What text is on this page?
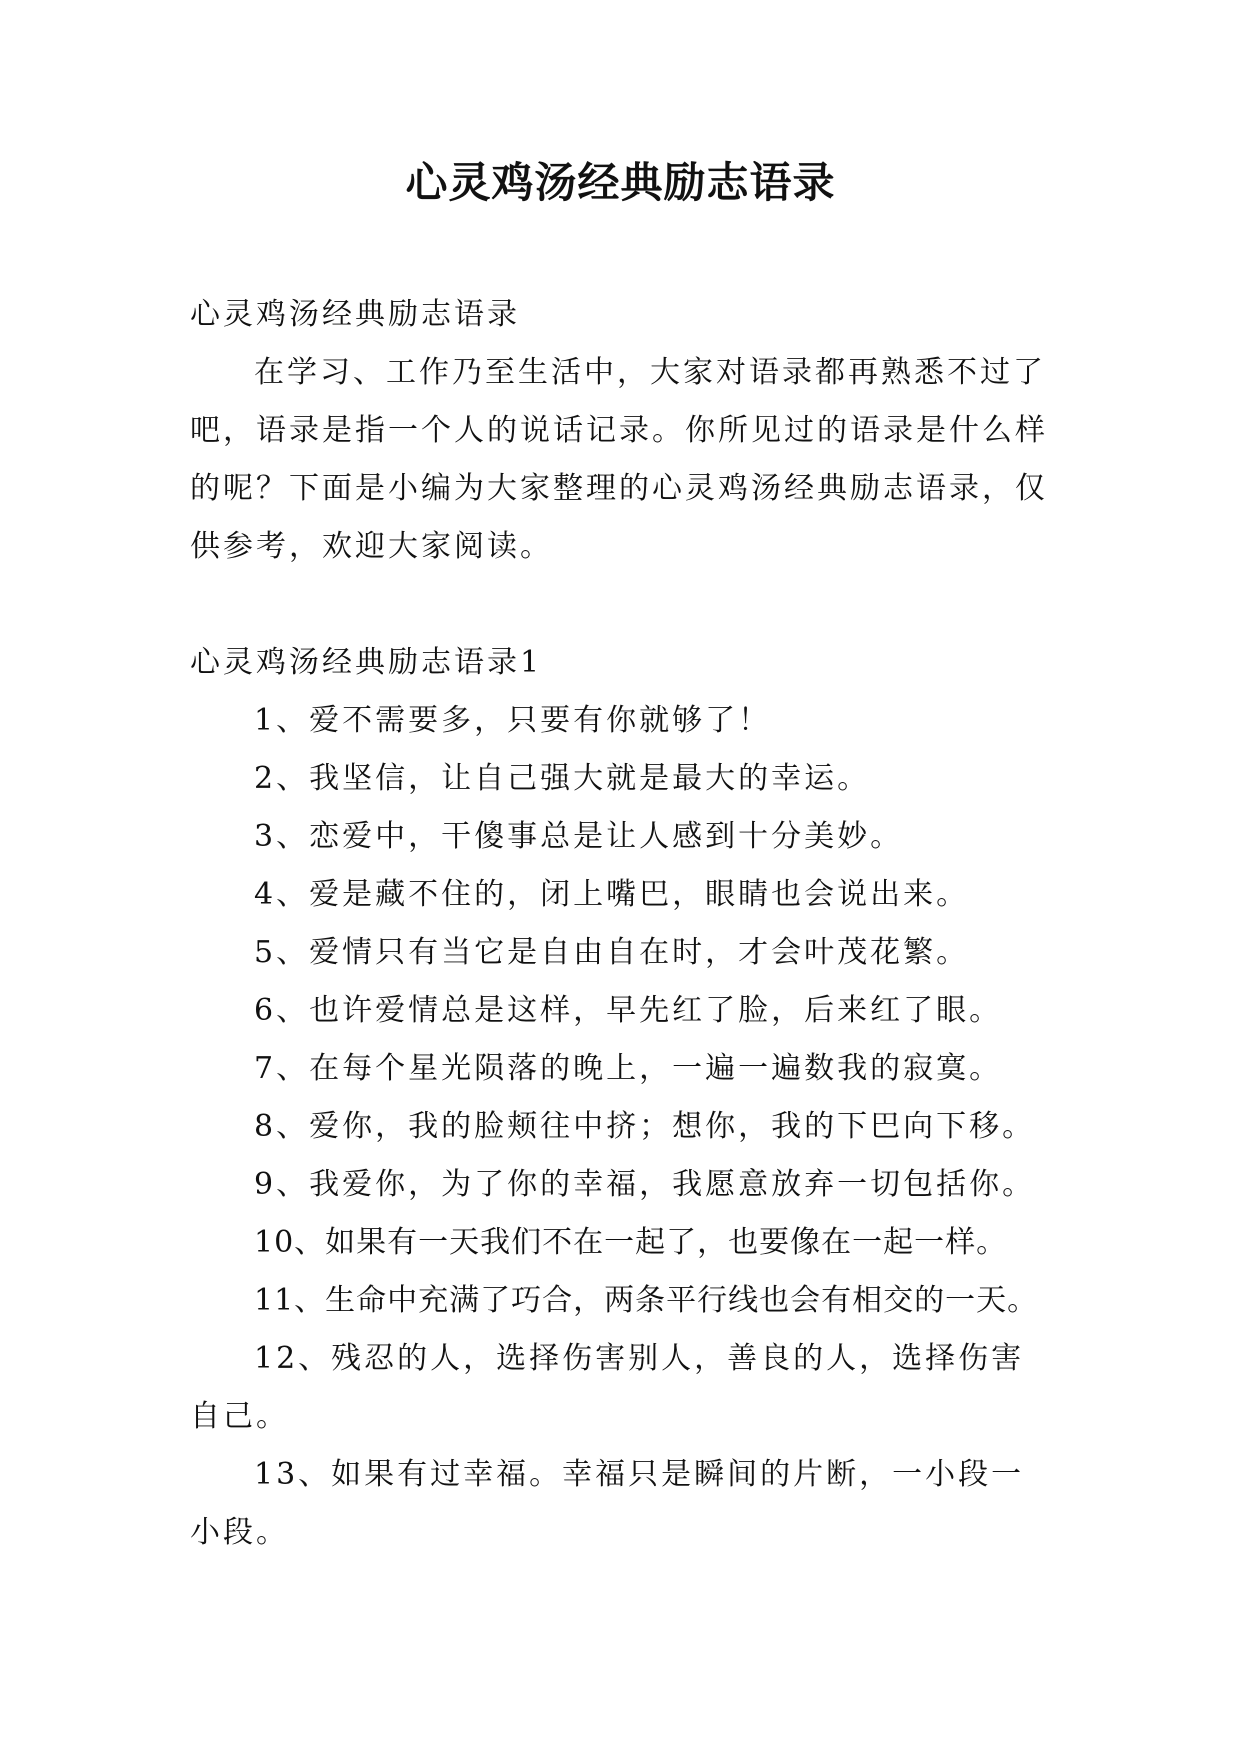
心灵鸡汤经典励志语录

心灵鸡汤经典励志语录

在学习、工作乃至生活中，大家对语录都再熟悉不过了吧，语录是指一个人的说话记录。你所见过的语录是什么样的呢？下面是小编为大家整理的心灵鸡汤经典励志语录，仅供参考，欢迎大家阅读。

心灵鸡汤经典励志语录1

1、爱不需要多，只要有你就够了！

2、我坚信，让自己强大就是最大的幸运。

3、恋爱中，干傻事总是让人感到十分美妙。

4、爱是藏不住的，闭上嘴巴，眼睛也会说出来。

5、爱情只有当它是自由自在时，才会叶茂花繁。

6、也许爱情总是这样，早先红了脸，后来红了眼。

7、在每个星光陨落的晚上，一遍一遍数我的寂寞。

8、爱你，我的脸颊往中挤；想你，我的下巴向下移。

9、我爱你，为了你的幸福，我愿意放弃一切包括你。

10、如果有一天我们不在一起了，也要像在一起一样。

11、生命中充满了巧合，两条平行线也会有相交的一天。

12、残忍的人，选择伤害别人，善良的人，选择伤害自己。

13、如果有过幸福。幸福只是瞬间的片断，一小段一小段。
